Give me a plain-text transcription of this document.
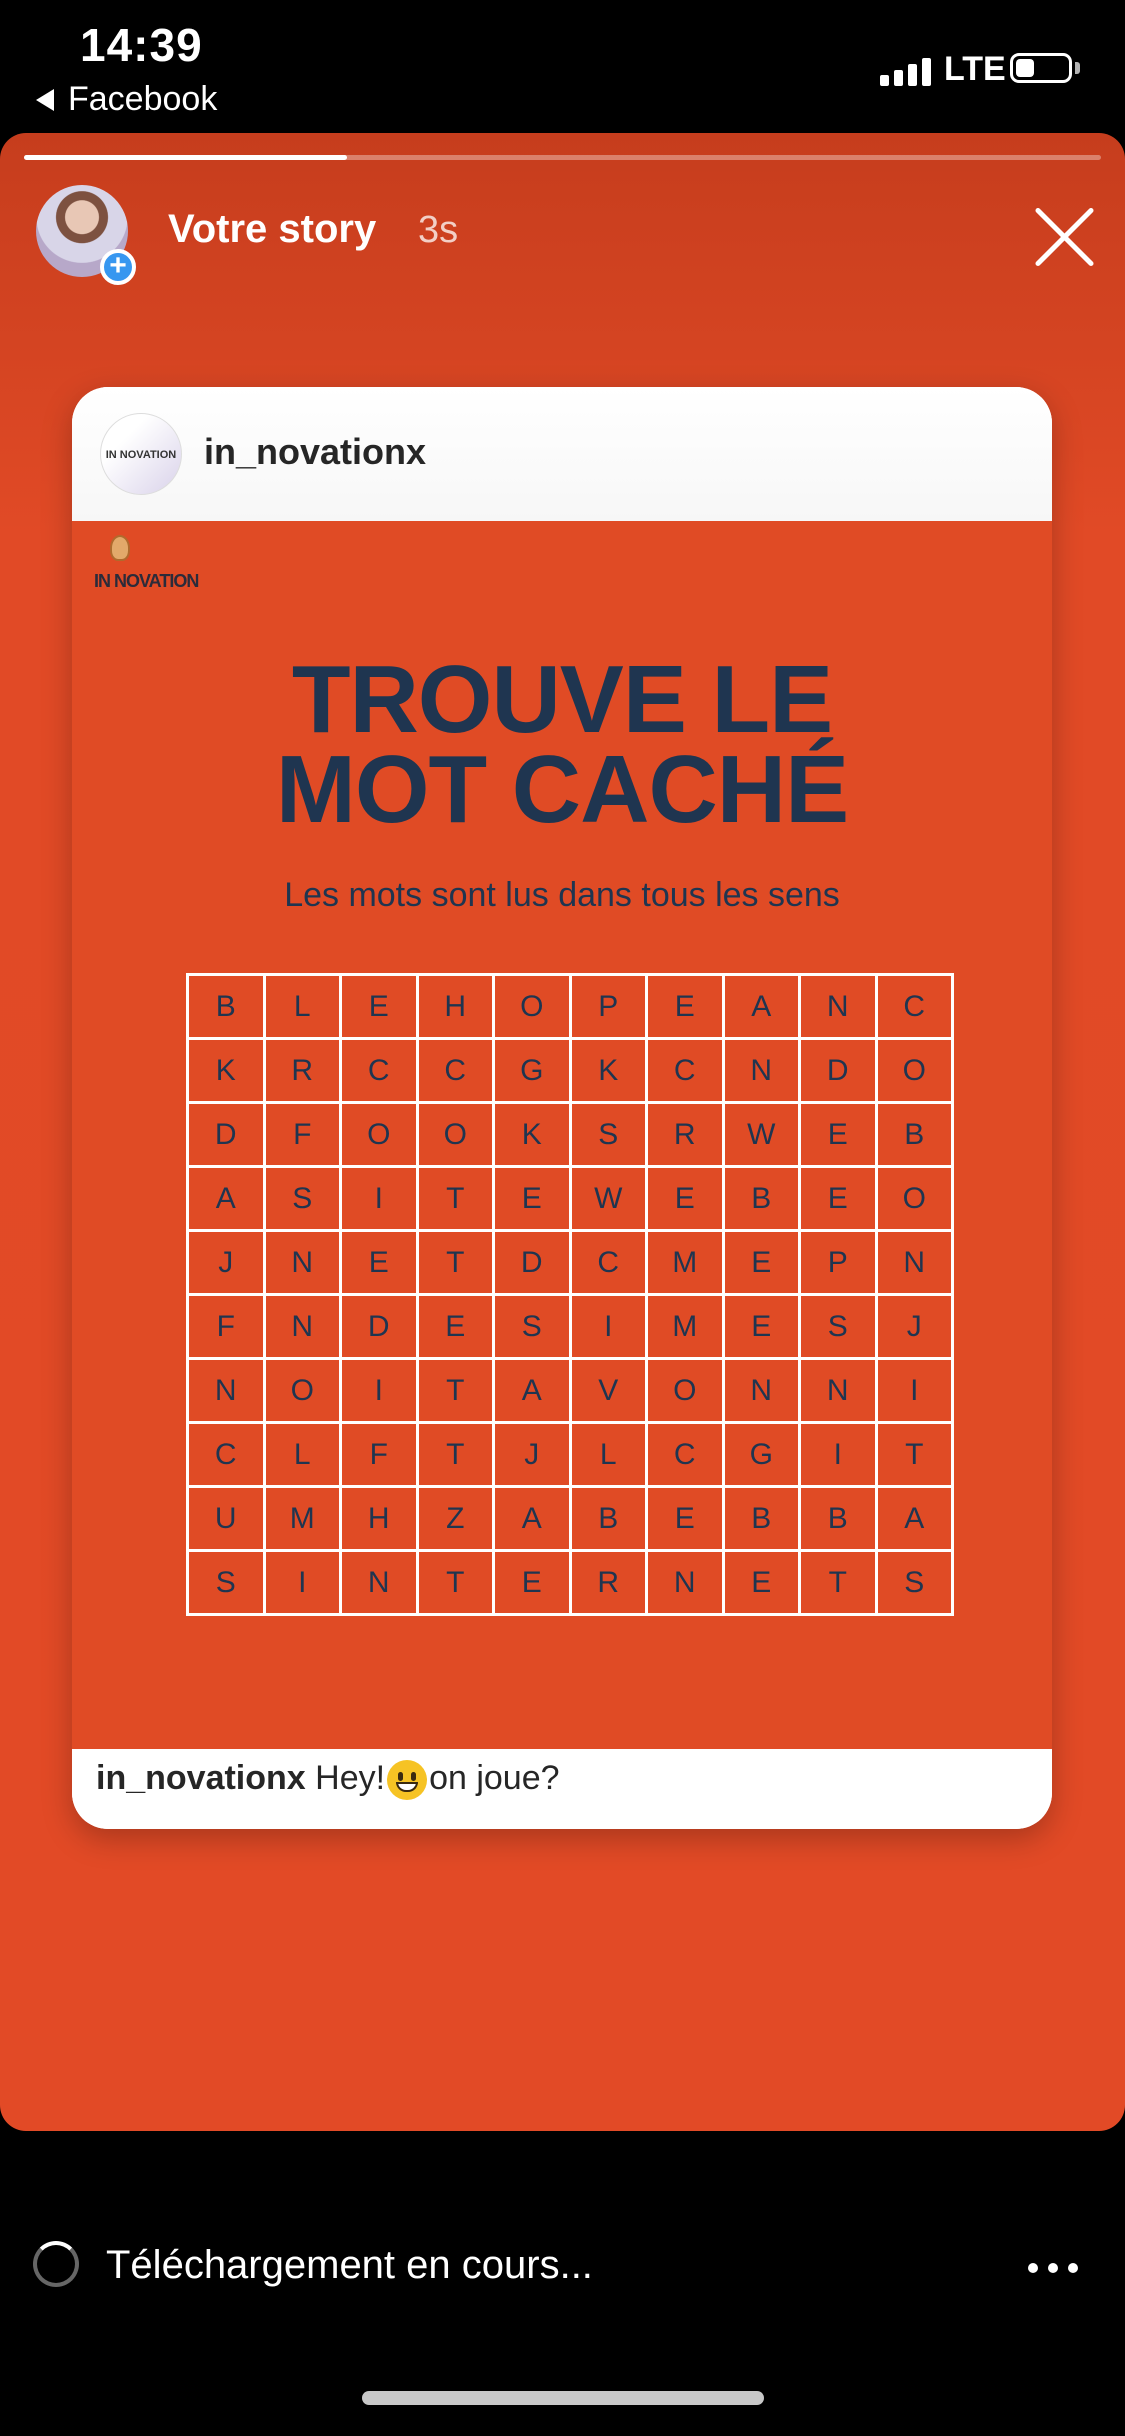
14:39
Facebook
LTE
+
Votre story 3s
IN NOVATION in_novationx
IN NOVATION
TROUVE LE
MOT CACHÉ
Les mots sont lus dans tous les sens
B	L	E	H	O	P	E	A	N	C
K	R	C	C	G	K	C	N	D	O
D	F	O	O	K	S	R	W	E	B
A	S	I	T	E	W	E	B	E	O
J	N	E	T	D	C	M	E	P	N
F	N	D	E	S	I	M	E	S	J
N	O	I	T	A	V	O	N	N	I
C	L	F	T	J	L	C	G	I	T
U	M	H	Z	A	B	E	B	B	A
S	I	N	T	E	R	N	E	T	S
in_novationx Hey! on joue?
Téléchargement en cours...
